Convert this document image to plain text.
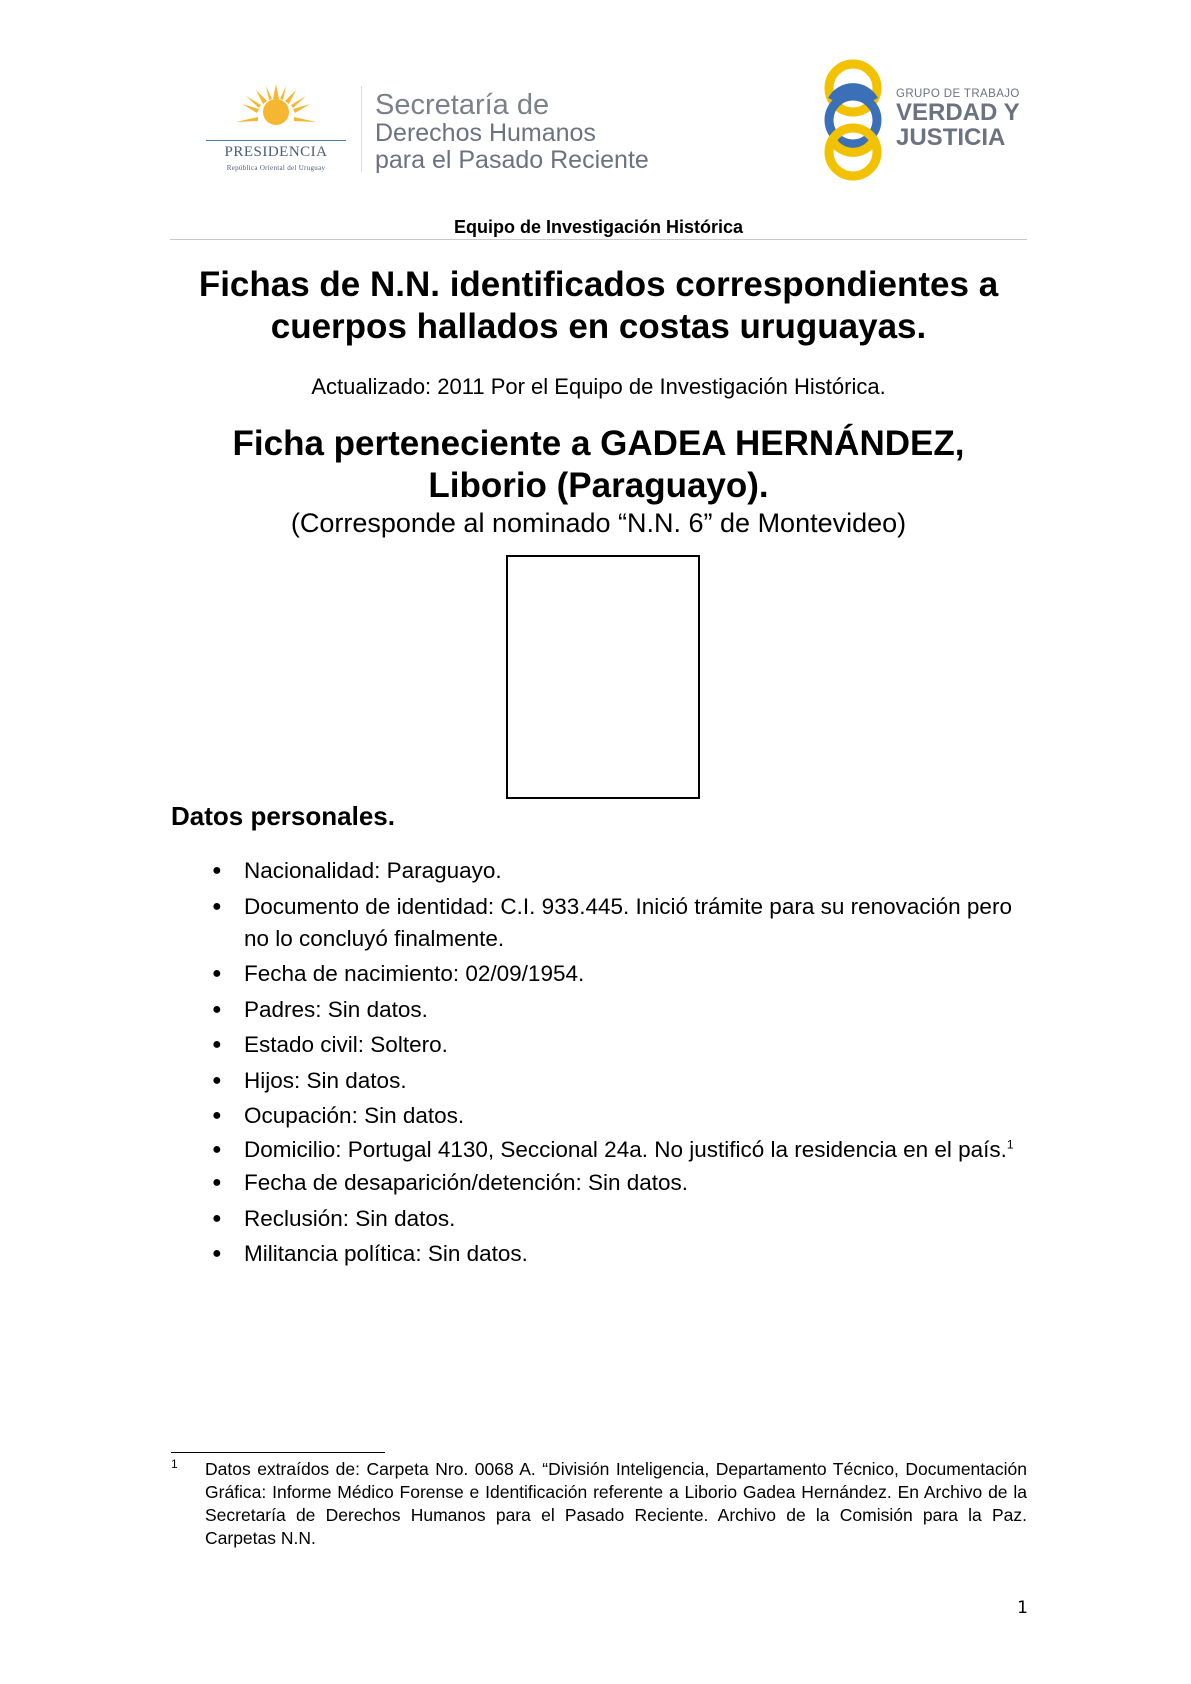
PRESIDENCIA
República Oriental del Uruguay
Secretaría de
Derechos Humanos
para el Pasado Reciente
GRUPO DE TRABAJO
VERDAD Y
JUSTICIA
Equipo de Investigación Histórica
Fichas de N.N. identificados correspondientes a
cuerpos hallados en costas uruguayas.
Actualizado: 2011 Por el Equipo de Investigación Histórica.
Ficha perteneciente a GADEA HERNÁNDEZ,
Liborio (Paraguayo).
(Corresponde al nominado “N.N. 6” de Montevideo)
Datos personales.
● Nacionalidad: Paraguayo.
● Documento de identidad: C.I. 933.445. Inició trámite para su renovación pero no lo concluyó finalmente.
● Fecha de nacimiento: 02/09/1954.
● Padres: Sin datos.
● Estado civil: Soltero.
● Hijos: Sin datos.
● Ocupación: Sin datos.
● Domicilio: Portugal 4130, Seccional 24a. No justificó la residencia en el país.$^1$
● Fecha de desaparición/detención: Sin datos.
● Reclusión: Sin datos.
● Militancia política: Sin datos.
1 Datos extraídos de: Carpeta Nro. 0068 A. “División Inteligencia, Departamento Técnico, Documentación Gráfica: Informe Médico Forense e Identificación referente a Liborio Gadea Hernández. En Archivo de la Secretaría de Derechos Humanos para el Pasado Reciente. Archivo de la Comisión para la Paz. Carpetas N.N.
1
